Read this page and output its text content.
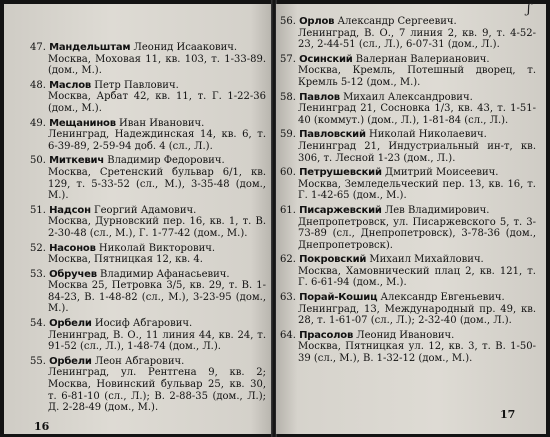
47. Мандельштам Леонид Исаакович.
Москва, Моховая 11, кв. 103, т. 1-33-89. (дом., М.).
48. Маслов Петр Павлович.
Москва, Арбат 42, кв. 11, т. Г. 1-22-36 (дом., М.).
49. Мещанинов Иван Иванович.
Ленинград, Надеждинская 14, кв. 6, т. 6-39-89, 2-59-94 доб. 4 (сл., Л.).
50. Миткевич Владимир Федорович.
Москва, Сретенский бульвар 6/1, кв. 129, т. 5-33-52 (сл., М.), 3-35-48 (дом., М.).
51. Надсон Георгий Адамович.
Москва, Дурновский пер. 16, кв. 1, т. В. 2-30-48 (сл., М.), Г. 1-77-42 (дом., М.).
52. Насонов Николай Викторович.
Москва, Пятницкая 12, кв. 4.
53. Обручев Владимир Афанасьевич.
Москва 25, Петровка 3/5, кв. 29, т. В. 1-84-23, В. 1-48-82 (сл., М.), 3-23-95 (дом., М.).
54. Орбели Иосиф Абгарович.
Ленинград, В. О., 11 линия 44, кв. 24, т. 91-52 (сл., Л.), 1-48-74 (дом., Л.).
55. Орбели Леон Абгарович.
Ленинград, ул. Рентгена 9, кв. 2; Москва, Новинский бульвар 25, кв. 30, т. 6-81-10 (сл., Л.); В. 2-88-35 (дом., Л.); Д. 2-28-49 (дом., М.).
56. Орлов Александр Сергеевич.
Ленинград, В. О., 7 линия 2, кв. 9, т. 4-52-23, 2-44-51 (сл., Л.), 6-07-31 (дом., Л.).
57. Осинский Валериан Валерианович.
Москва, Кремль, Потешный дворец, т. Кремль 5-12 (дом., М.).
58. Павлов Михаил Александрович.
Ленинград 21, Сосновка 1/3, кв. 43, т. 1-51-40 (коммут.) (дом., Л.), 1-81-84 (сл., Л.).
59. Павловский Николай Николаевич.
Ленинград 21, Индустриальный ин-т, кв. 306, т. Лесной 1-23 (дом., Л.).
60. Петрушевский Дмитрий Моисеевич.
Москва, Земледельческий пер. 13, кв. 16, т. Г. 1-42-65 (дом., М.).
61. Писаржевский Лев Владимирович.
Днепропетровск, ул. Писаржевского 5, т. 3-73-89 (сл., Днепропетровск), 3-78-36 (дом., Днепропетровск).
62. Покровский Михаил Михайлович.
Москва, Хамовнический плац 2, кв. 121, т. Г. 6-61-94 (дом., М.).
63. Порай-Кошиц Александр Евгеньевич.
Ленинград, 13, Международный пр. 49, кв. 28, т. 1-61-07 (сл., Л.); 2-32-40 (дом., Л.).
64. Прасолов Леонид Иванович.
Москва, Пятницкая ул. 12, кв. 3, т. В. 1-50-39 (сл., М.), В. 1-32-12 (дом., М.).
16
17
ʃ
